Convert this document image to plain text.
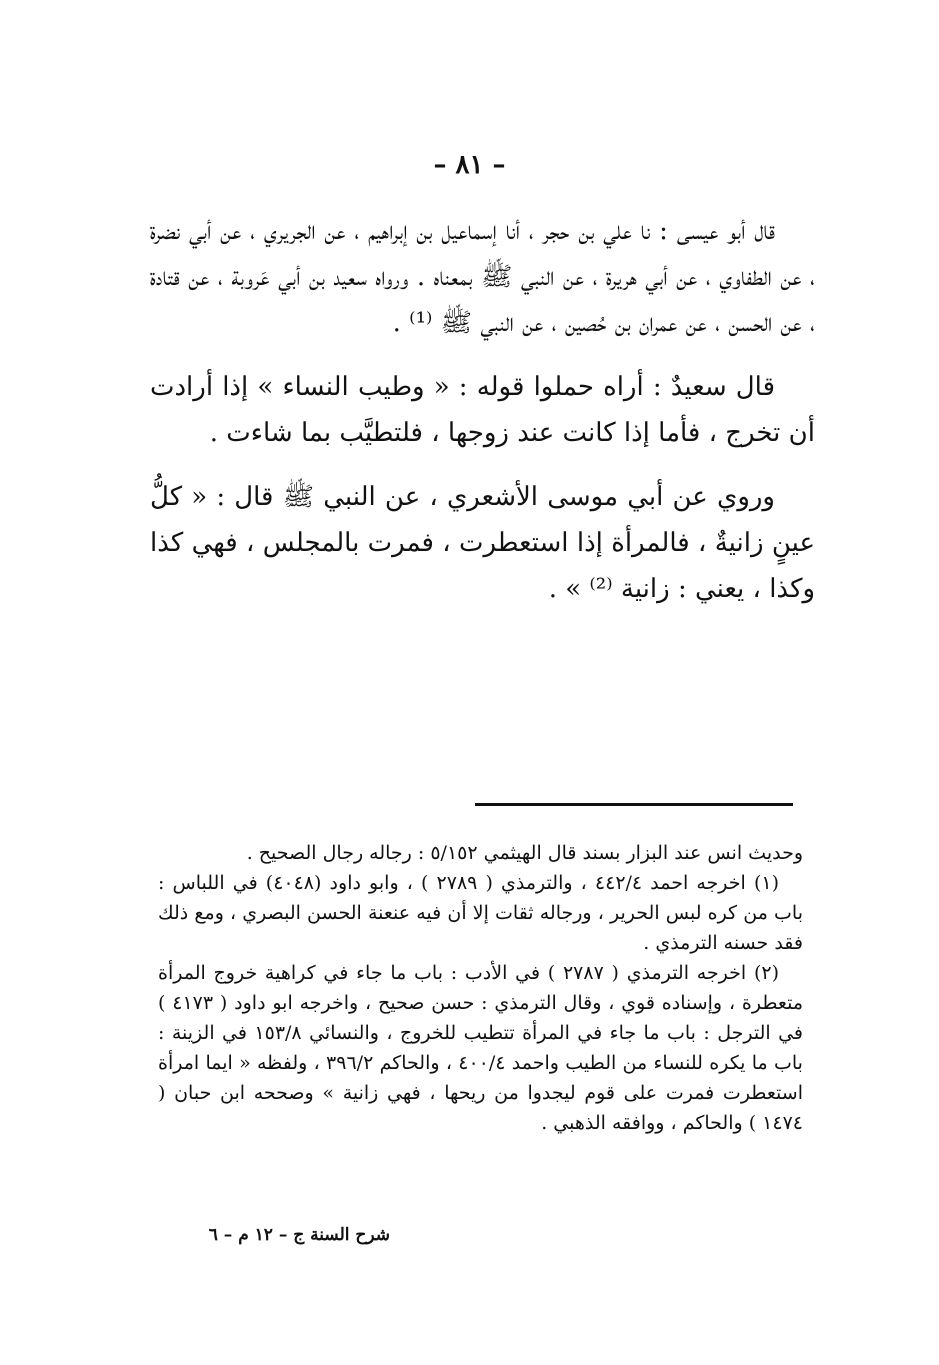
– ٨١ –

قال أبو عيسى : نا علي بن حجر ، أنا إسماعيل بن إبراهيم ، عن الجريري ، عن أبي نضرة ، عن الطفاوي ، عن أبي هريرة ، عن النبي ﷺ بمعناه . ورواه سعيد بن أبي عَروبة ، عن قتادة ، عن الحسن ، عن عمران بن حُصين ، عن النبي ﷺ ⁽¹⁾ .

قال سعيدٌ : أراه حملوا قوله : « وطيب النساء » إذا أرادت أن تخرج ، فأما إذا كانت عند زوجها ، فلتطيَّب بما شاءت .

وروي عن أبي موسى الأشعري ، عن النبي ﷺ قال : « كلُّ عينٍ زانيةٌ ، فالمرأة إذا استعطرت ، فمرت بالمجلس ، فهي كذا وكذا ، يعني : زانية ⁽²⁾ » .

وحديث انس عند البزار بسند قال الهيثمي ٥/١٥٢ : رجاله رجال الصحيح .

(١) اخرجه احمد ٤٤٢/٤ ، والترمذي ( ٢٧٨٩ ) ، وابو داود (٤٠٤٨) في اللباس : باب من كره لبس الحرير ، ورجاله ثقات إلا أن فيه عنعنة الحسن البصري ، ومع ذلك فقد حسنه الترمذي .

(٢) اخرجه الترمذي ( ٢٧٨٧ ) في الأدب : باب ما جاء في كراهية خروج المرأة متعطرة ، وإسناده قوي ، وقال الترمذي : حسن صحيح ، واخرجه ابو داود ( ٤١٧٣ ) في الترجل : باب ما جاء في المرأة تتطيب للخروج ، والنسائي ١٥٣/٨ في الزينة : باب ما يكره للنساء من الطيب واحمد ٤٠٠/٤ ، والحاكم ٣٩٦/٢ ، ولفظه « ايما امرأة استعطرت فمرت على قوم ليجدوا من ريحها ، فهي زانية » وصححه ابن حبان ( ١٤٧٤ ) والحاكم ، ووافقه الذهبي .

شرح السنة ج – ١٢ م – ٦
